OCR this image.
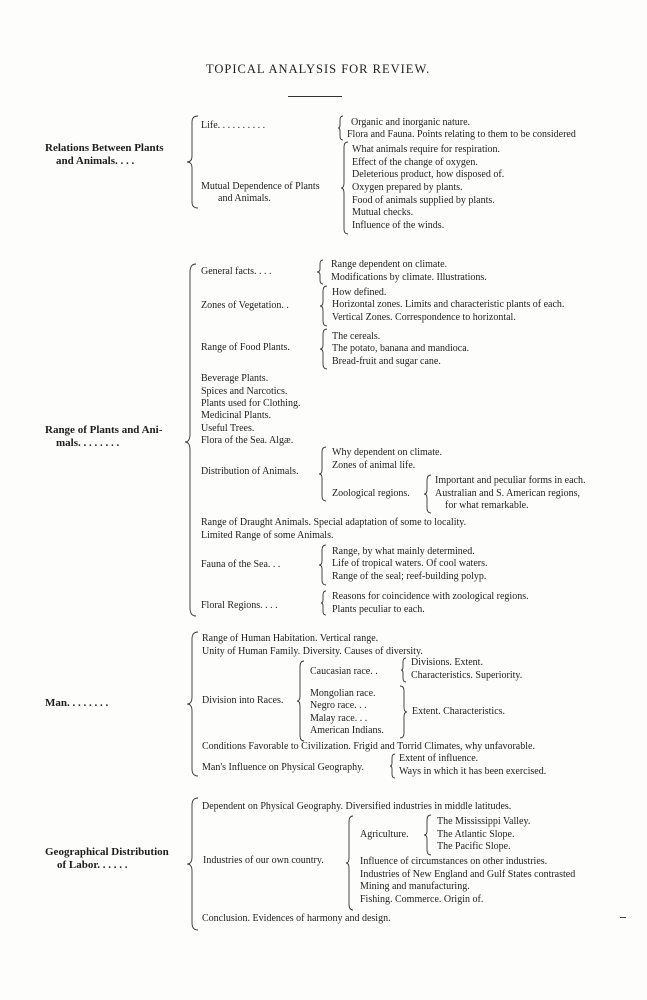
TOPICAL ANALYSIS FOR REVIEW.
Relations Between Plants
and Animals. . . .
Life. . . . . . . . . .	Organic and inorganic nature.
Flora and Fauna. Points relating to them to be considered
Mutual Dependence of Plants
and Animals.
What animals require for respiration.
Effect of the change of oxygen.
Deleterious product, how disposed of.
Oxygen prepared by plants.
Food of animals supplied by plants.
Mutual checks.
Influence of the winds.
Range of Plants and Ani-
mals. . . . . . . .
General facts. . . .
Range dependent on climate.
Modifications by climate. Illustrations.
Zones of Vegetation. .
How defined.
Horizontal zones. Limits and characteristic plants of each.
Vertical Zones. Correspondence to horizontal.
Range of Food Plants.
The cereals.
The potato, banana and mandioca.
Bread-fruit and sugar cane.
Beverage Plants.
Spices and Narcotics.
Plants used for Clothing.
Medicinal Plants.
Useful Trees.
Flora of the Sea. Algæ.
Distribution of Animals.
Why dependent on climate.
Zones of animal life.
Zoological regions.
Important and peculiar forms in each.
Australian and S. American regions,
for what remarkable.
Range of Draught Animals. Special adaptation of some to locality.
Limited Range of some Animals.
Fauna of the Sea. . .
Range, by what mainly determined.
Life of tropical waters. Of cool waters.
Range of the seal; reef-building polyp.
Floral Regions. . . .
Reasons for coincidence with zoological regions.
Plants peculiar to each.
Man. . . . . . . .
Range of Human Habitation. Vertical range.
Unity of Human Family. Diversity. Causes of diversity.
Division into Races.
Caucasian race. .
Divisions. Extent.
Characteristics. Superiority.
Mongolian race.
Negro race. . .
Malay race. . .
American Indians.
Extent. Characteristics.
Conditions Favorable to Civilization. Frigid and Torrid Climates, why unfavorable.
Man's Influence on Physical Geography.
Extent of influence.
Ways in which it has been exercised.
Geographical Distribution
of Labor. . . . . .
Dependent on Physical Geography. Diversified industries in middle latitudes.
Industries of our own country.
Agriculture.
The Mississippi Valley.
The Atlantic Slope.
The Pacific Slope.
Influence of circumstances on other industries.
Industries of New England and Gulf States contrasted
Mining and manufacturing.
Fishing. Commerce. Origin of.
Conclusion. Evidences of harmony and design.
